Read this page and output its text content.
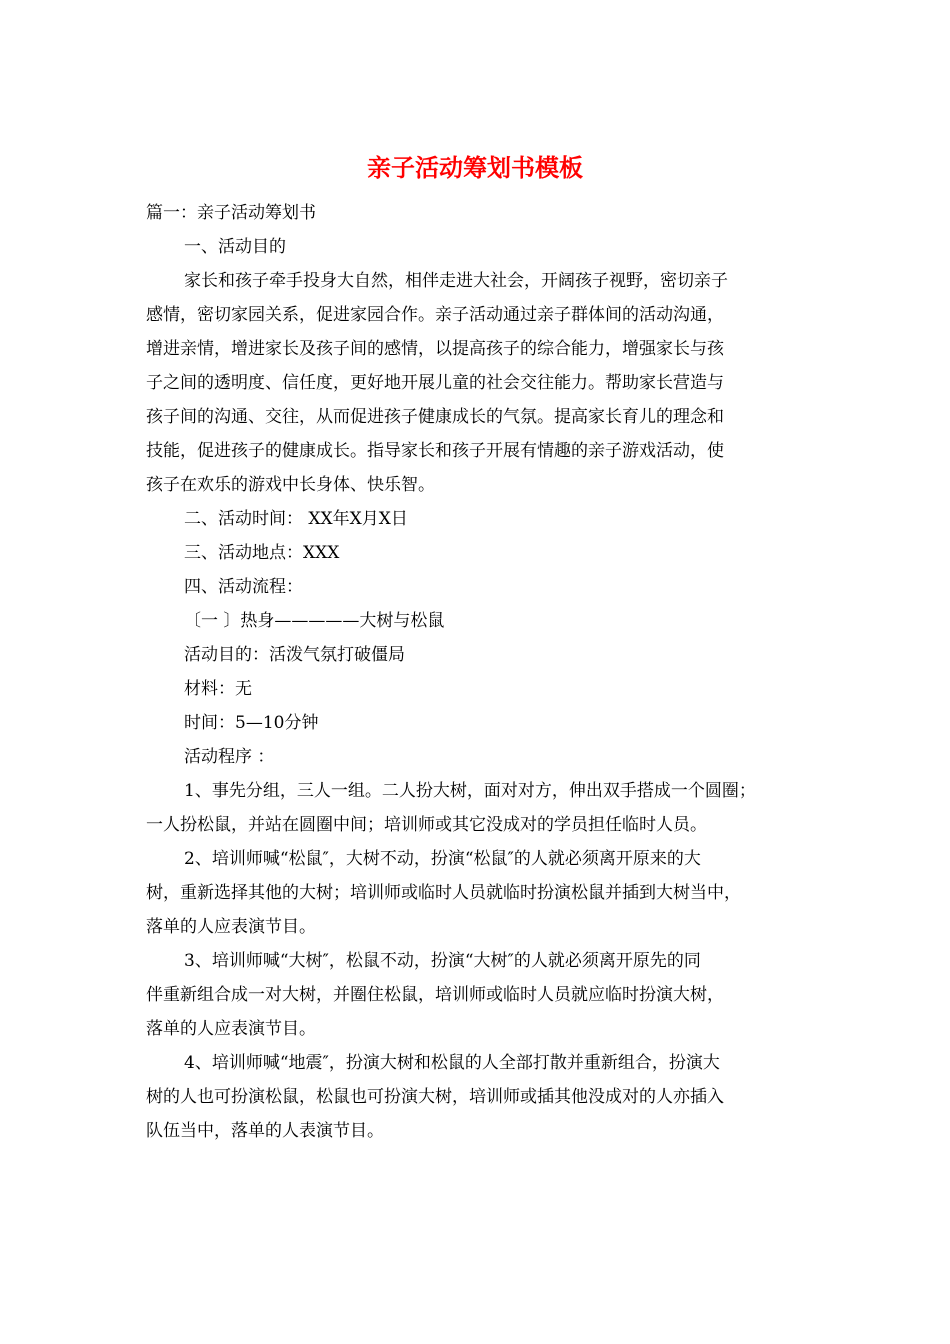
亲子活动筹划书模板
篇一：亲子活动筹划书
一、活动目的
家长和孩子牵手投身大自然，相伴走进大社会，开阔孩子视野，密切亲子
感情，密切家园关系，促进家园合作。亲子活动通过亲子群体间的活动沟通，
增进亲情，增进家长及孩子间的感情，以提高孩子的综合能力，增强家长与孩
子之间的透明度、信任度，更好地开展儿童的社会交往能力。帮助家长营造与
孩子间的沟通、交往，从而促进孩子健康成长的气氛。提高家长育儿的理念和
技能，促进孩子的健康成长。指导家长和孩子开展有情趣的亲子游戏活动，使
孩子在欢乐的游戏中长身体、快乐智。
二、活动时间： XX年X月X日
三、活动地点：XXX
四、活动流程：
〔一 〕热身—————大树与松鼠
活动目的：活泼气氛打破僵局
材料：无
时间：5—10分钟
活动程序 ：
1、事先分组，三人一组。二人扮大树，面对对方，伸出双手搭成一个圆圈；
一人扮松鼠，并站在圆圈中间；培训师或其它没成对的学员担任临时人员。
2、培训师喊“松鼠″，大树不动，扮演“松鼠″的人就必须离开原来的大
树，重新选择其他的大树；培训师或临时人员就临时扮演松鼠并插到大树当中，
落单的人应表演节目。
3、培训师喊“大树″，松鼠不动，扮演“大树″的人就必须离开原先的同
伴重新组合成一对大树，并圈住松鼠，培训师或临时人员就应临时扮演大树，
落单的人应表演节目。
4、培训师喊“地震″，扮演大树和松鼠的人全部打散并重新组合，扮演大
树的人也可扮演松鼠，松鼠也可扮演大树，培训师或插其他没成对的人亦插入
队伍当中，落单的人表演节目。
